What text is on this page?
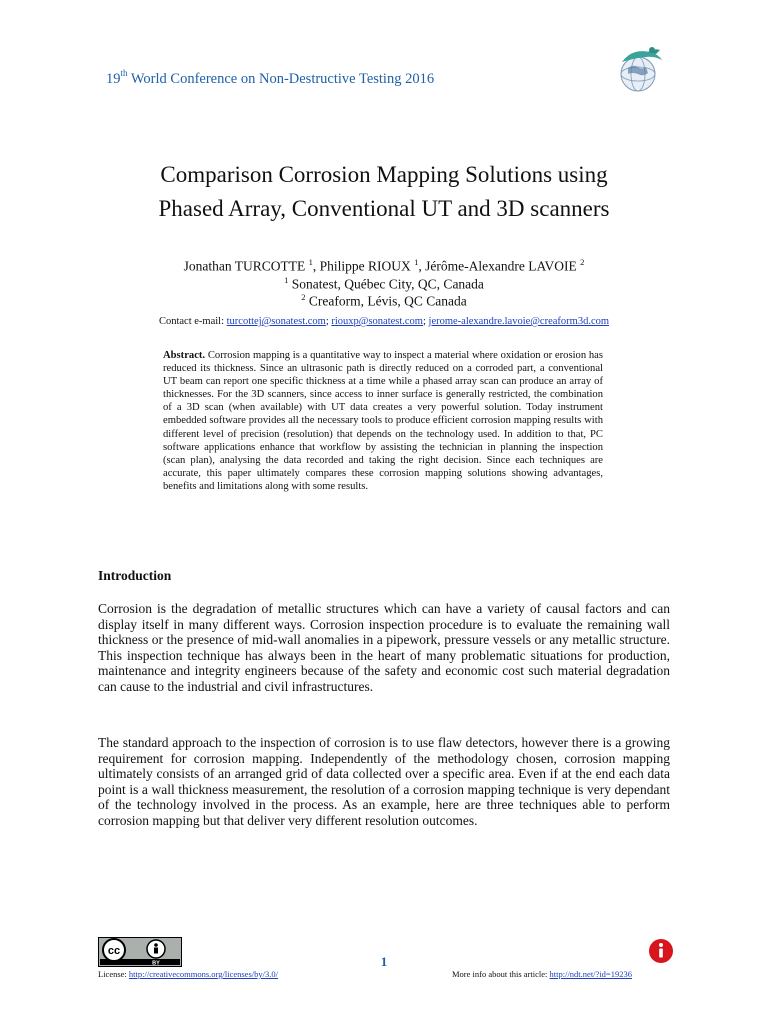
19th World Conference on Non-Destructive Testing 2016
Comparison Corrosion Mapping Solutions using
Phased Array, Conventional UT and 3D scanners
Jonathan TURCOTTE $^1$, Philippe RIOUX $^1$, Jérôme-Alexandre LAVOIE $^2$
$^1$ Sonatest, Québec City, QC, Canada
$^2$ Creaform, Lévis, QC Canada
Contact e-mail: turcottej@sonatest.com; riouxp@sonatest.com; jerome-alexandre.lavoie@creaform3d.com
Abstract. Corrosion mapping is a quantitative way to inspect a material where oxidation or erosion has reduced its thickness. Since an ultrasonic path is directly reduced on a corroded part, a conventional UT beam can report one specific thickness at a time while a phased array scan can produce an array of thicknesses. For the 3D scanners, since access to inner surface is generally restricted, the combination of a 3D scan (when available) with UT data creates a very powerful solution. Today instrument embedded software provides all the necessary tools to produce efficient corrosion mapping results with different level of precision (resolution) that depends on the technology used. In addition to that, PC software applications enhance that workflow by assisting the technician in planning the inspection (scan plan), analysing the data recorded and taking the right decision. Since each techniques are accurate, this paper ultimately compares these corrosion mapping solutions showing advantages, benefits and limitations along with some results.
Introduction
Corrosion is the degradation of metallic structures which can have a variety of causal factors and can display itself in many different ways. Corrosion inspection procedure is to evaluate the remaining wall thickness or the presence of mid-wall anomalies in a pipework, pressure vessels or any metallic structure. This inspection technique has always been in the heart of many problematic situations for production, maintenance and integrity engineers because of the safety and economic cost such material degradation can cause to the industrial and civil infrastructures.
The standard approach to the inspection of corrosion is to use flaw detectors, however there is a growing requirement for corrosion mapping. Independently of the methodology chosen, corrosion mapping ultimately consists of an arranged grid of data collected over a specific area. Even if at the end each data point is a wall thickness measurement, the resolution of a corrosion mapping technique is very dependant of the technology involved in the process. As an example, here are three techniques able to perform corrosion mapping but that deliver very different resolution outcomes.
cc
BY	1
License: http://creativecommons.org/licenses/by/3.0/	More info about this article: http://ndt.net/?id=19236
